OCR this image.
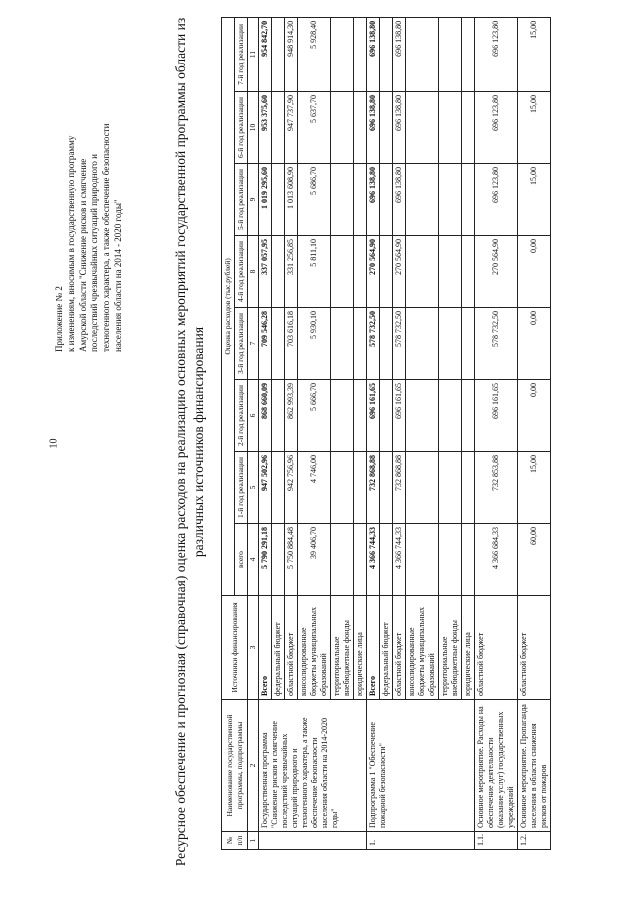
10
Приложение № 2 к изменениям, вносимым в государственную программу Амурской области "Снижение рисков и смягчение последствий чрезвычайных ситуаций природного и техногенного характера, а также обеспечение безопасности населения области на 2014 - 2020 годы"	Ресурсное обеспечение и прогнозная (справочная) оценка расходов на реализацию основных мероприятий государственной программы области из различных источников финансирования
№ п/п	Наименование государственной программы, подпрограммы	Источники финансирования	Оценка расходов (тыс.рублей)							
			всего	1-й год реализации	2-й год реализации	3-й год реализации	4-й год реализации	5-й год реализации	6-й год реализации	7-й год реализации
1	2	3	4	5	6	7	8	9	10	11
	Государственная программа "Снижение рисков и смягчение последствий чрезвычайных ситуаций природного и техногенного характера, а также обеспечение безопасности населения области на 2014-2020 годы"	Всего	5 790 291,18	947 502,96	868 660,09	709 546,28	337 057,95	1 019 295,60	953 375,60	954 842,70
		федеральный бюджет								
		областной бюджет	5 750 884,48	942 756,96	862 993,39	703 616,18	331 256,85	1 013 608,90	947 737,90	948 914,30
		консолидированные бюджеты муниципальных образований	39 406,70	4 746,00	5 666,70	5 930,10	5 811,10	5 686,70	5 637,70	5 928,40
		территориальные внебюджетные фонды								
		юридические лица								
1.	Подпрограмма 1 "Обеспечение пожарной безопасности"	Всего	4 366 744,33	732 868,88	696 161,65	578 732,50	270 564,90	696 138,80	696 138,80	696 138,80
		федеральный бюджет								
		областной бюджет	4 366 744,33	732 868,88	696 161,65	578 732,50	270 564,90	696 138,80	696 138,80	696 138,80
		консолидированные бюджеты муниципальных образований								
		территориальные внебюджетные фонды								
		юридические лица								
1.1.	Основное мероприятие. Расходы на обеспечение деятельности (оказание услуг) государственных учреждений	областной бюджет	4 366 684,33	732 853,88	696 161,65	578 732,50	270 564,90	696 123,80	696 123,80	696 123,80
1.2.	Основное мероприятие. Пропаганда населения в области снижения рисков от пожаров	областной бюджет	60,00	15,00	0,00	0,00	0,00	15,00	15,00	15,00
